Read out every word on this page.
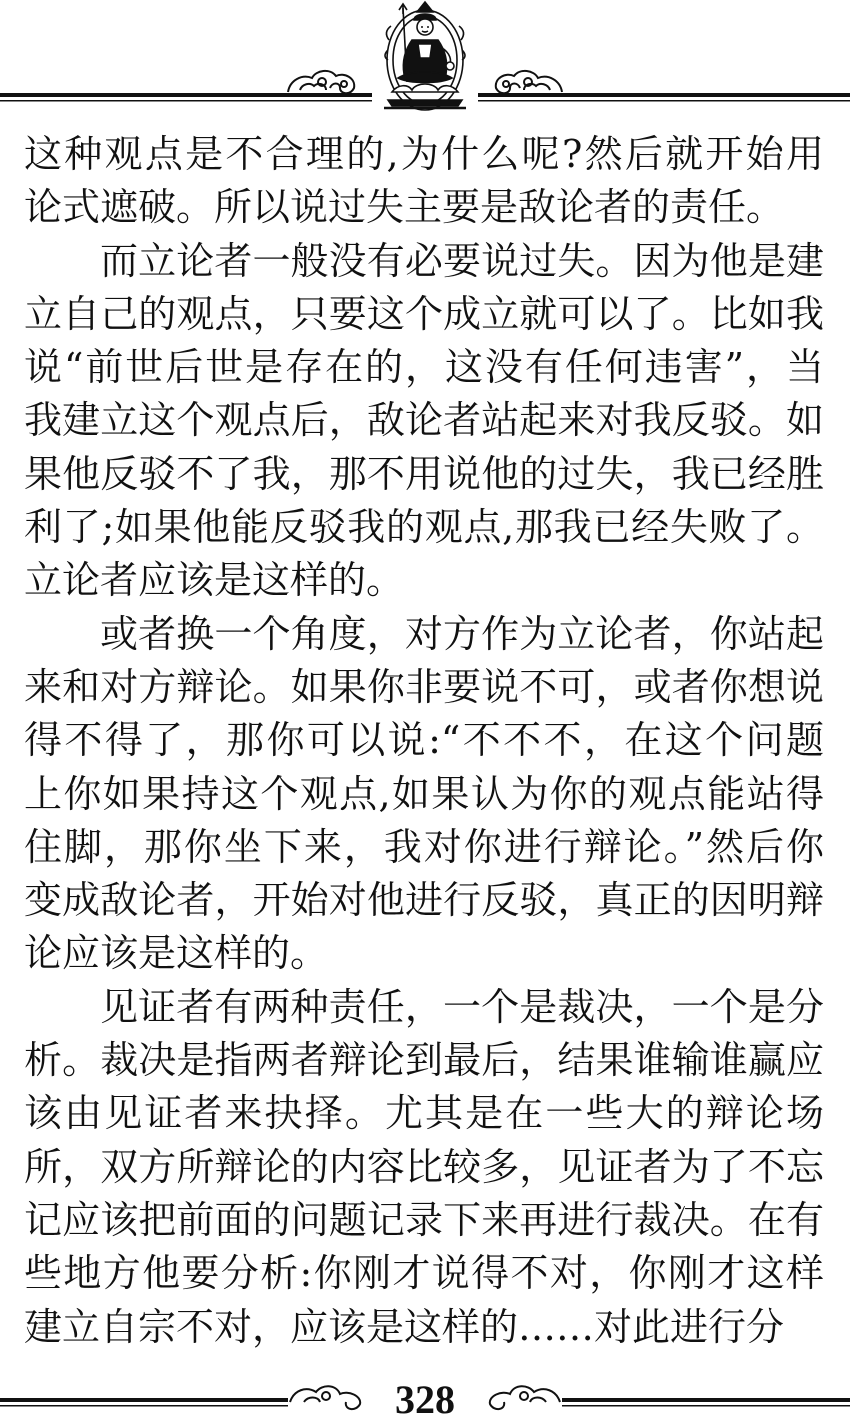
这种观点是不合理的,为什么呢?然后就开始用
论式遮破。所以说过失主要是敌论者的责任。
而立论者一般没有必要说过失。因为他是建
立自己的观点，只要这个成立就可以了。比如我
说“前世后世是存在的，这没有任何违害”，当
我建立这个观点后，敌论者站起来对我反驳。如
果他反驳不了我，那不用说他的过失，我已经胜
利了;如果他能反驳我的观点,那我已经失败了。
立论者应该是这样的。
或者换一个角度，对方作为立论者，你站起
来和对方辩论。如果你非要说不可，或者你想说
得不得了，那你可以说:“不不不，在这个问题
上你如果持这个观点,如果认为你的观点能站得
住脚，那你坐下来，我对你进行辩论。”然后你
变成敌论者，开始对他进行反驳，真正的因明辩
论应该是这样的。
见证者有两种责任，一个是裁决，一个是分
析。裁决是指两者辩论到最后，结果谁输谁赢应
该由见证者来抉择。尤其是在一些大的辩论场
所，双方所辩论的内容比较多，见证者为了不忘
记应该把前面的问题记录下来再进行裁决。在有
些地方他要分析:你刚才说得不对，你刚才这样
建立自宗不对，应该是这样的……对此进行分
328
